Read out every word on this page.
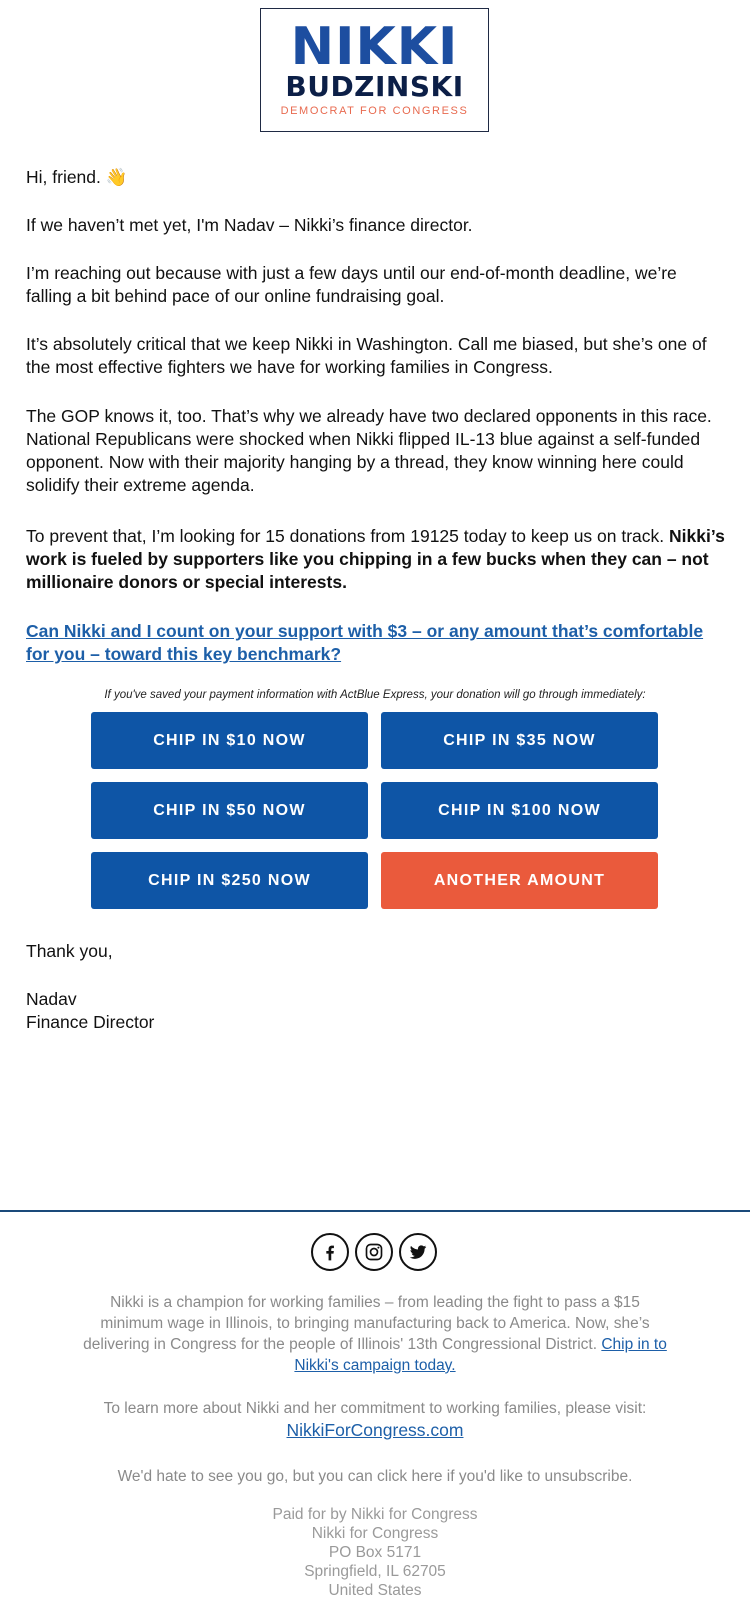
NIKKI
BUDZINSKI
DEMOCRAT FOR CONGRESS

Hi, friend. 👋

If we haven’t met yet, I'm Nadav – Nikki’s finance director.

I’m reaching out because with just a few days until our end-of-month deadline, we’re falling a bit behind pace of our online fundraising goal.

It’s absolutely critical that we keep Nikki in Washington. Call me biased, but she’s one of the most effective fighters we have for working families in Congress.

The GOP knows it, too. That’s why we already have two declared opponents in this race. National Republicans were shocked when Nikki flipped IL-13 blue against a self-funded opponent. Now with their majority hanging by a thread, they know winning here could solidify their extreme agenda.

To prevent that, I’m looking for 15 donations from 19125 today to keep us on track. Nikki’s work is fueled by supporters like you chipping in a few bucks when they can – not millionaire donors or special interests.

Can Nikki and I count on your support with $3 – or any amount that’s comfortable for you – toward this key benchmark?

If you've saved your payment information with ActBlue Express, your donation will go through immediately:
CHIP IN $10 NOW	CHIP IN $35 NOW
CHIP IN $50 NOW	CHIP IN $100 NOW
CHIP IN $250 NOW	ANOTHER AMOUNT

Thank you,

Nadav

Finance Director

Nikki is a champion for working families – from leading the fight to pass a $15 minimum wage in Illinois, to bringing manufacturing back to America. Now, she’s delivering in Congress for the people of Illinois' 13th Congressional District. Chip in to Nikki's campaign today.
To learn more about Nikki and her commitment to working families, please visit:
NikkiForCongress.com
We'd hate to see you go, but you can click here if you'd like to unsubscribe.
Paid for by Nikki for Congress
Nikki for Congress
PO Box 5171
Springfield, IL 62705
United States
